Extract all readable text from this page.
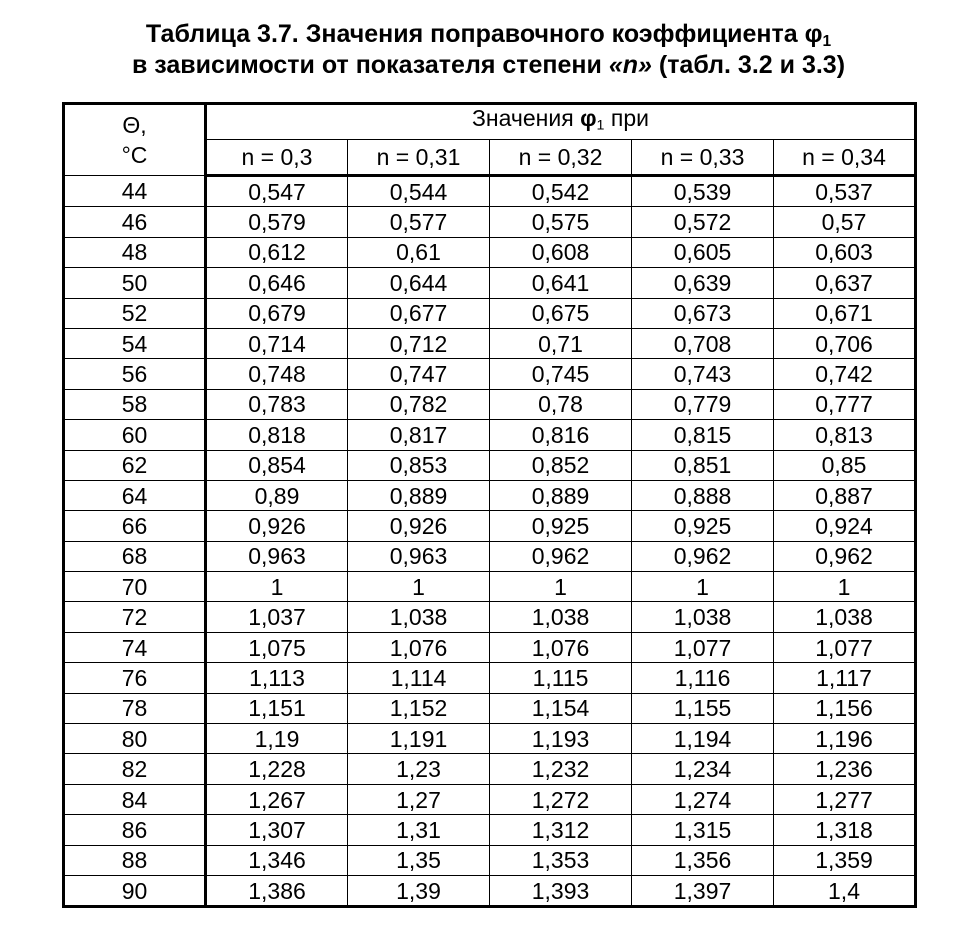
Таблица 3.7. Значения поправочного коэффициента $\varphi_1$
в зависимости от показателя степени «n» (табл. 3.2 и 3.3)
Θ,
°C	Значения $\varphi_1$ при				
	n = 0,3	n = 0,31	n = 0,32	n = 0,33	n = 0,34
44	0,547	0,544	0,542	0,539	0,537
46	0,579	0,577	0,575	0,572	0,57
48	0,612	0,61	0,608	0,605	0,603
50	0,646	0,644	0,641	0,639	0,637
52	0,679	0,677	0,675	0,673	0,671
54	0,714	0,712	0,71	0,708	0,706
56	0,748	0,747	0,745	0,743	0,742
58	0,783	0,782	0,78	0,779	0,777
60	0,818	0,817	0,816	0,815	0,813
62	0,854	0,853	0,852	0,851	0,85
64	0,89	0,889	0,889	0,888	0,887
66	0,926	0,926	0,925	0,925	0,924
68	0,963	0,963	0,962	0,962	0,962
70	1	1	1	1	1
72	1,037	1,038	1,038	1,038	1,038
74	1,075	1,076	1,076	1,077	1,077
76	1,113	1,114	1,115	1,116	1,117
78	1,151	1,152	1,154	1,155	1,156
80	1,19	1,191	1,193	1,194	1,196
82	1,228	1,23	1,232	1,234	1,236
84	1,267	1,27	1,272	1,274	1,277
86	1,307	1,31	1,312	1,315	1,318
88	1,346	1,35	1,353	1,356	1,359
90	1,386	1,39	1,393	1,397	1,4
